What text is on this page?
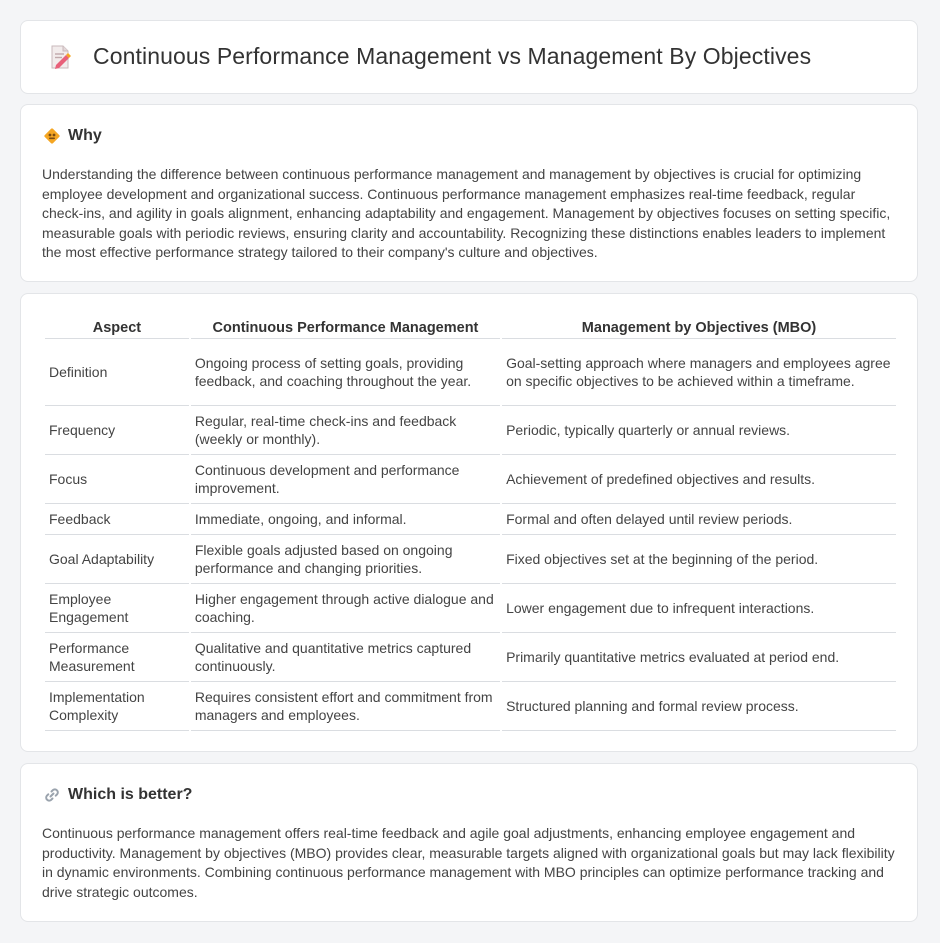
Continuous Performance Management vs Management By Objectives
Why

Understanding the difference between continuous performance management and management by objectives is crucial for optimizing employee development and organizational success. Continuous performance management emphasizes real-time feedback, regular check-ins, and agility in goals alignment, enhancing adaptability and engagement. Management by objectives focuses on setting specific, measurable goals with periodic reviews, ensuring clarity and accountability. Recognizing these distinctions enables leaders to implement the most effective performance strategy tailored to their company's culture and objectives.

Aspect	Continuous Performance Management	Management by Objectives (MBO)
Definition	Ongoing process of setting goals, providing feedback, and coaching throughout the year.	Goal-setting approach where managers and employees agree on specific objectives to be achieved within a timeframe.
Frequency	Regular, real-time check-ins and feedback (weekly or monthly).	Periodic, typically quarterly or annual reviews.
Focus	Continuous development and performance improvement.	Achievement of predefined objectives and results.
Feedback	Immediate, ongoing, and informal.	Formal and often delayed until review periods.
Goal Adaptability	Flexible goals adjusted based on ongoing performance and changing priorities.	Fixed objectives set at the beginning of the period.
Employee Engagement	Higher engagement through active dialogue and coaching.	Lower engagement due to infrequent interactions.
Performance Measurement	Qualitative and quantitative metrics captured continuously.	Primarily quantitative metrics evaluated at period end.
Implementation Complexity	Requires consistent effort and commitment from managers and employees.	Structured planning and formal review process.
Which is better?

Continuous performance management offers real-time feedback and agile goal adjustments, enhancing employee engagement and productivity. Management by objectives (MBO) provides clear, measurable targets aligned with organizational goals but may lack flexibility in dynamic environments. Combining continuous performance management with MBO principles can optimize performance tracking and drive strategic outcomes.
